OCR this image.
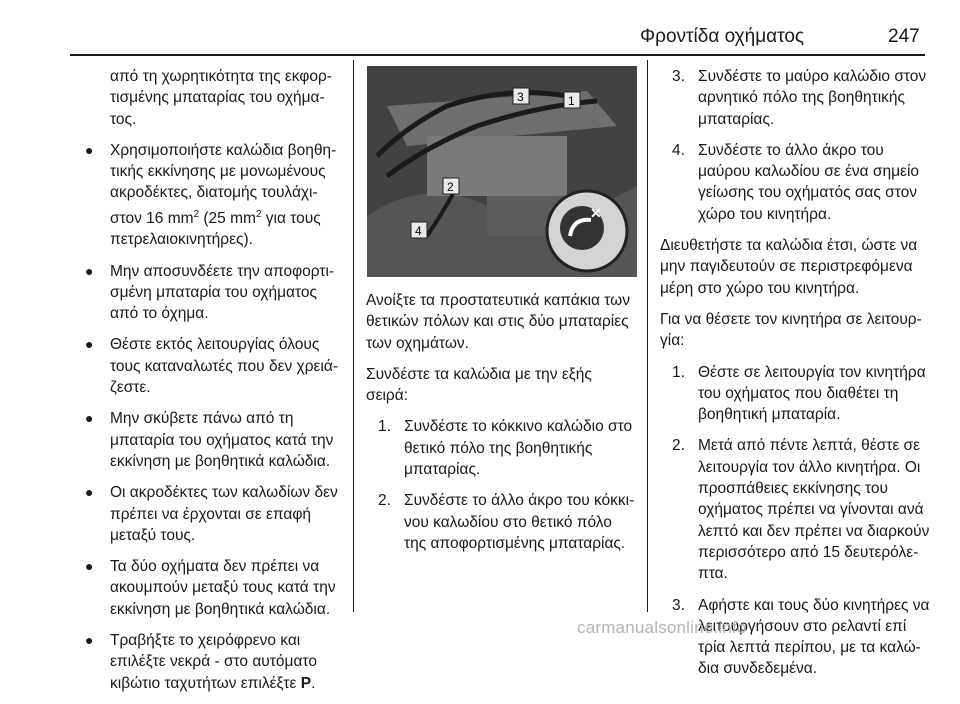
Φροντίδα οχήματος	247

από τη χωρητικότητα της εκφορ-τισμένης μπαταρίας του οχήμα-τος.

● Χρησιμοποιήστε καλώδια βοηθη-τικής εκκίνησης με μονωμένους ακροδέκτες, διατομής τουλάχι-στον 16 $mm^2$ (25 $mm^2$ για τους πετρελαιοκινητήρες).
● Μην αποσυνδέετε την αποφορτι-σμένη μπαταρία του οχήματος από το όχημα.
● Θέστε εκτός λειτουργίας όλους τους καταναλωτές που δεν χρειά-ζεστε.
● Μην σκύβετε πάνω από τη μπαταρία του οχήματος κατά την εκκίνηση με βοηθητικά καλώδια.
● Οι ακροδέκτες των καλωδίων δεν πρέπει να έρχονται σε επαφή μεταξύ τους.
● Τα δύο οχήματα δεν πρέπει να ακουμπούν μεταξύ τους κατά την εκκίνηση με βοηθητικά καλώδια.
● Τραβήξτε το χειρόφρενο και επιλέξτε νεκρά - στο αυτόματο κιβώτιο ταχυτήτων επιλέξτε P.
✕
1
2
3
4

Ανοίξτε τα προστατευτικά καπάκια των θετικών πόλων και στις δύο μπαταρίες των οχημάτων.

Συνδέστε τα καλώδια με την εξής σειρά:

1. Συνδέστε το κόκκινο καλώδιο στο θετικό πόλο της βοηθητικής μπαταρίας.
2. Συνδέστε το άλλο άκρο του κόκκι-νου καλωδίου στο θετικό πόλο της αποφορτισμένης μπαταρίας.
3. Συνδέστε το μαύρο καλώδιο στον αρνητικό πόλο της βοηθητικής μπαταρίας.
4. Συνδέστε το άλλο άκρο του μαύρου καλωδίου σε ένα σημείο γείωσης του οχήματός σας στον χώρο του κινητήρα.

Διευθετήστε τα καλώδια έτσι, ώστε να μην παγιδευτούν σε περιστρεφόμενα μέρη στο χώρο του κινητήρα.

Για να θέσετε τον κινητήρα σε λειτουρ-γία:

1. Θέστε σε λειτουργία τον κινητήρα του οχήματος που διαθέτει τη βοηθητική μπαταρία.
2. Μετά από πέντε λεπτά, θέστε σε λειτουργία τον άλλο κινητήρα. Οι προσπάθειες εκκίνησης του οχήματος πρέπει να γίνονται ανά λεπτό και δεν πρέπει να διαρκούν περισσότερο από 15 δευτερόλε-πτα.
3. Αφήστε και τους δύο κινητήρες να λειτουργήσουν στο ρελαντί επί τρία λεπτά περίπου, με τα καλώ-δια συνδεδεμένα.
carmanualsonline.info
